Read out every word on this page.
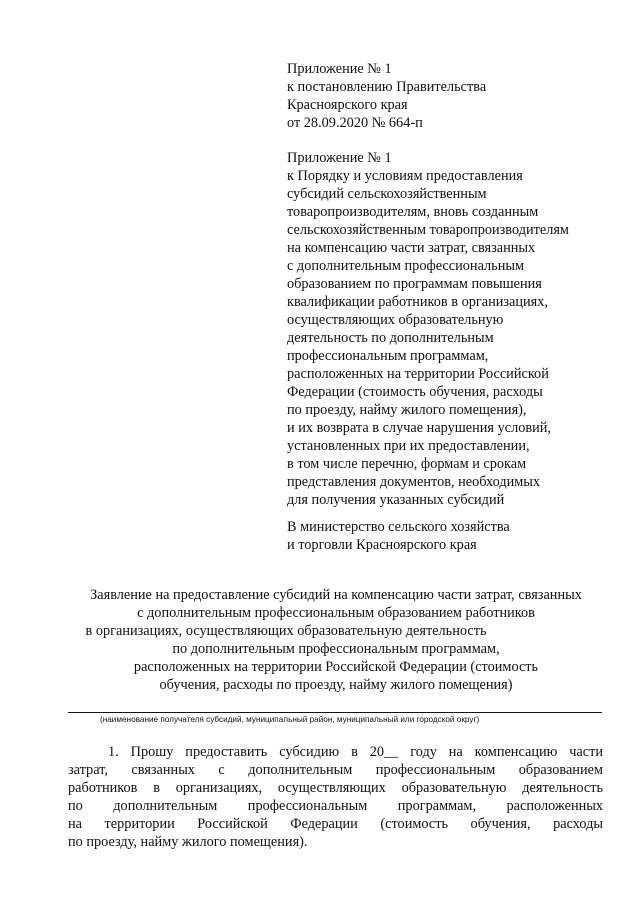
Приложение № 1
к постановлению Правительства
Красноярского края
от 28.09.2020 № 664-п
Приложение № 1
к Порядку и условиям предоставления
субсидий сельскохозяйственным
товаропроизводителям, вновь созданным
сельскохозяйственным товаропроизводителям
на компенсацию части затрат, связанных
с дополнительным профессиональным
образованием по программам повышения
квалификации работников в организациях,
осуществляющих образовательную
деятельность по дополнительным
профессиональным программам,
расположенных на территории Российской
Федерации (стоимость обучения, расходы
по проезду, найму жилого помещения),
и их возврата в случае нарушения условий,
установленных при их предоставлении,
в том числе перечню, формам и срокам
представления документов, необходимых
для получения указанных субсидий
В министерство сельского хозяйства
и торговли Красноярского края
Заявление на предоставление субсидий на компенсацию части затрат, связанных
с дополнительным профессиональным образованием работников
в организациях, осуществляющих образовательную деятельность
по дополнительным профессиональным программам,
расположенных на территории Российской Федерации (стоимость
обучения, расходы по проезду, найму жилого помещения)
(наименование получателя субсидий, муниципальный район, муниципальный или городской округ)
1. Прошу предоставить субсидию в 20__ году на компенсацию части
затрат, связанных с дополнительным профессиональным образованием
работников в организациях, осуществляющих образовательную деятельность
по дополнительным профессиональным программам, расположенных
на территории Российской Федерации (стоимость обучения, расходы
по проезду, найму жилого помещения).
